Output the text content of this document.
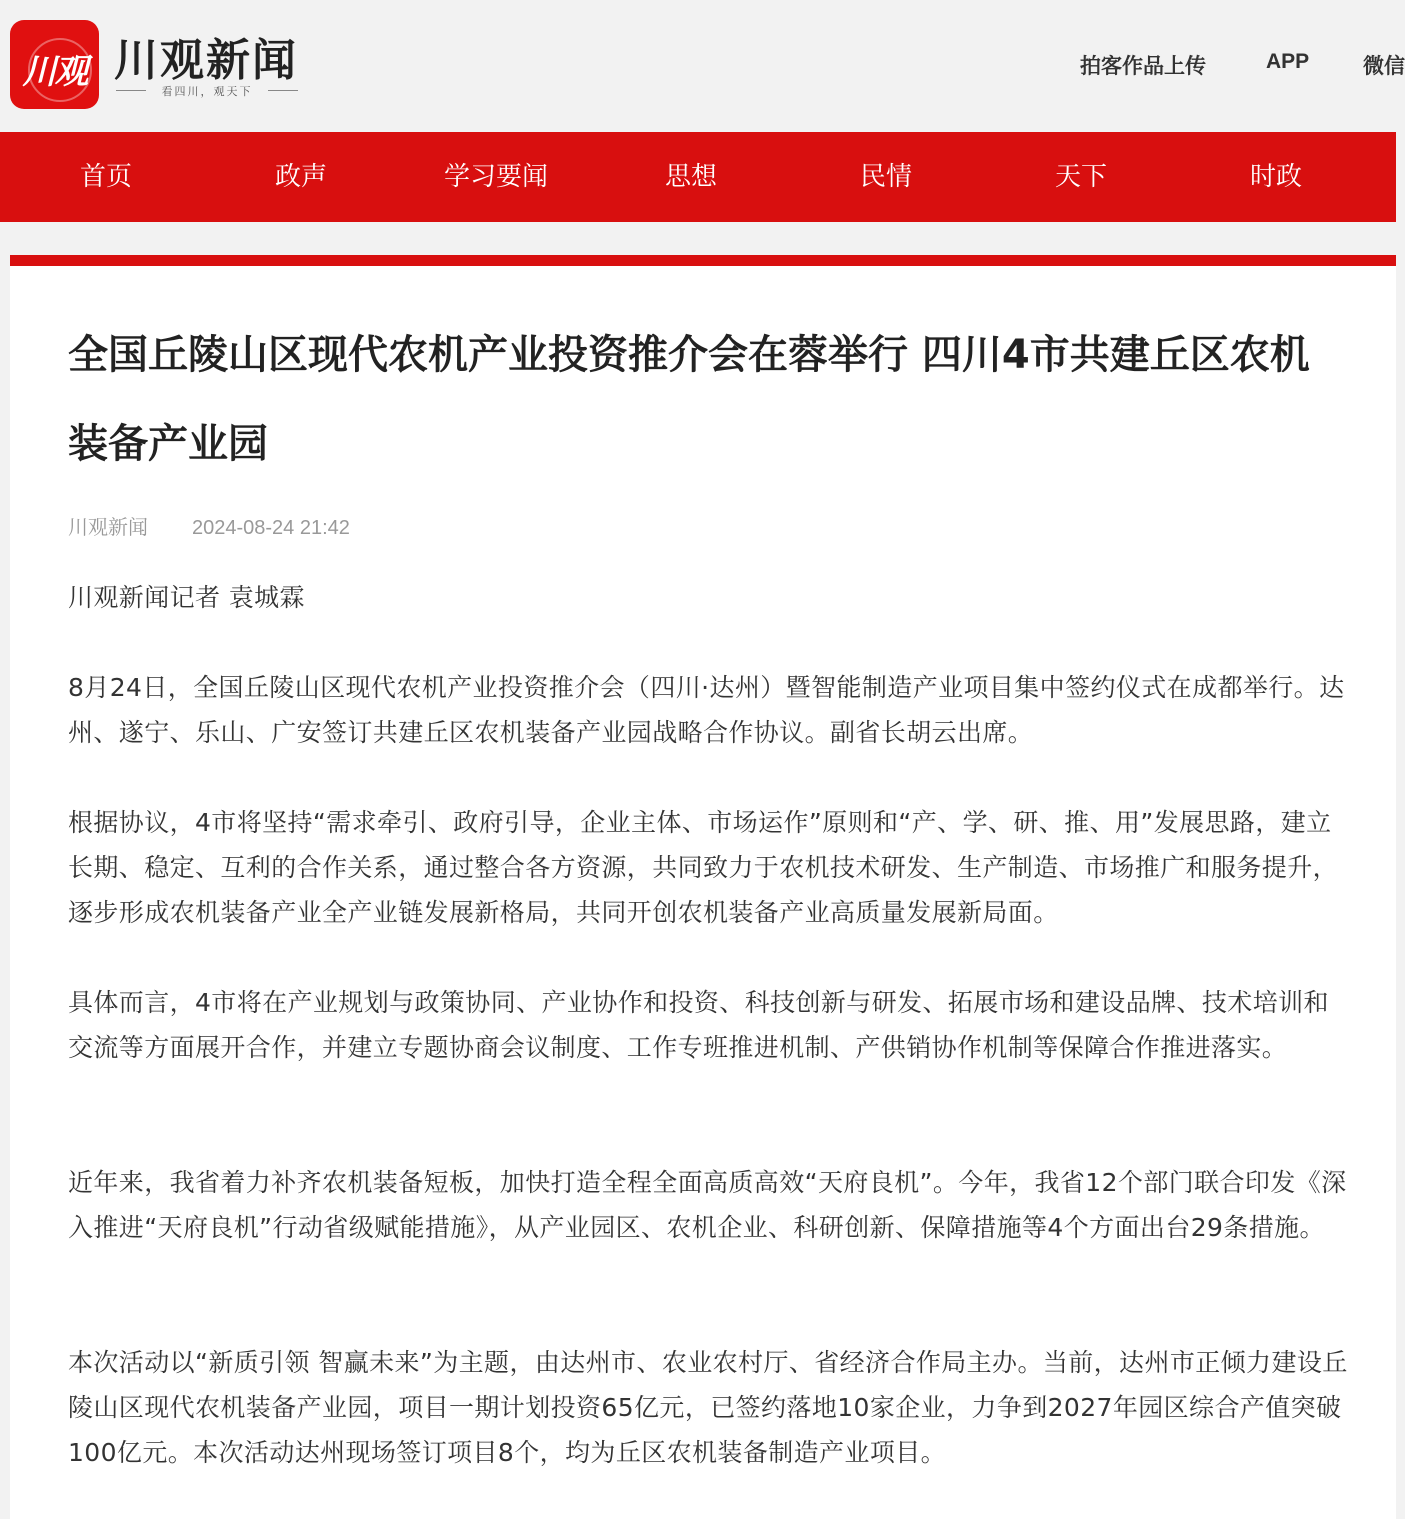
川观 川观新闻
看四川，观天下
拍客作品上传	APP	微信
首页	政声	学习要闻	思想	民情	天下	时政
全国丘陵山区现代农机产业投资推介会在蓉举行 四川4市共建丘区农机装备产业园
川观新闻 2024-08-24 21:42

川观新闻记者 袁城霖

8月24日，全国丘陵山区现代农机产业投资推介会（四川·达州）暨智能制造产业项目集中签约仪式在成都举行。达州、遂宁、乐山、广安签订共建丘区农机装备产业园战略合作协议。副省长胡云出席。

根据协议，4市将坚持“需求牵引、政府引导，企业主体、市场运作”原则和“产、学、研、推、用”发展思路，建立长期、稳定、互利的合作关系，通过整合各方资源，共同致力于农机技术研发、生产制造、市场推广和服务提升，逐步形成农机装备产业全产业链发展新格局，共同开创农机装备产业高质量发展新局面。

具体而言，4市将在产业规划与政策协同、产业协作和投资、科技创新与研发、拓展市场和建设品牌、技术培训和交流等方面展开合作，并建立专题协商会议制度、工作专班推进机制、产供销协作机制等保障合作推进落实。

近年来，我省着力补齐农机装备短板，加快打造全程全面高质高效“天府良机”。今年，我省12个部门联合印发《深入推进“天府良机”行动省级赋能措施》，从产业园区、农机企业、科研创新、保障措施等4个方面出台29条措施。

本次活动以“新质引领 智赢未来”为主题，由达州市、农业农村厅、省经济合作局主办。当前，达州市正倾力建设丘陵山区现代农机装备产业园，项目一期计划投资65亿元，已签约落地10家企业，力争到2027年园区综合产值突破100亿元。本次活动达州现场签订项目8个，均为丘区农机装备制造产业项目。
